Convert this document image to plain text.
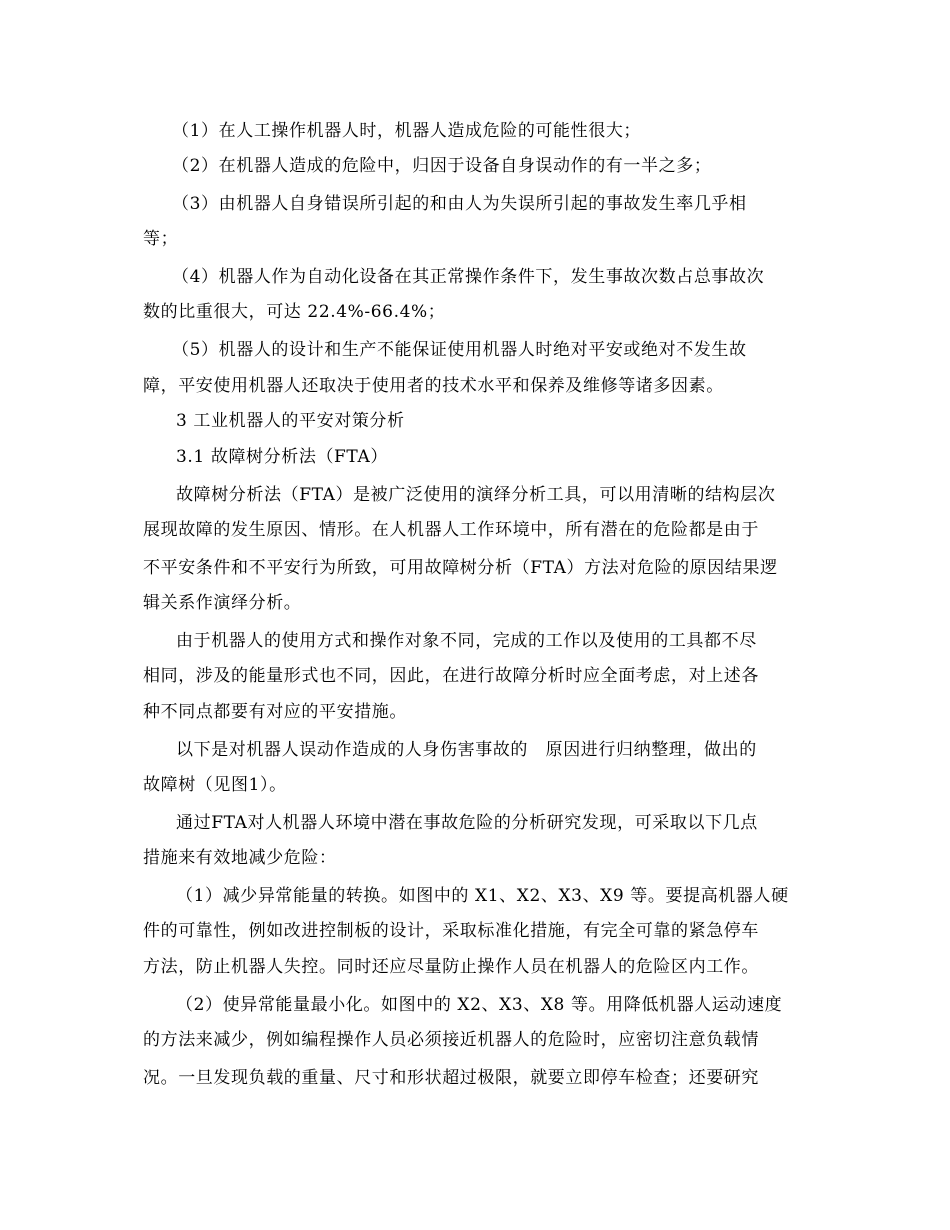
（1）在人工操作机器人时，机器人造成危险的可能性很大；
（2）在机器人造成的危险中，归因于设备自身误动作的有一半之多；
（3）由机器人自身错误所引起的和由人为失误所引起的事故发生率几乎相
等；
（4）机器人作为自动化设备在其正常操作条件下，发生事故次数占总事故次
数的比重很大，可达 22.4%-66.4%；
（5）机器人的设计和生产不能保证使用机器人时绝对平安或绝对不发生故
障，平安使用机器人还取决于使用者的技术水平和保养及维修等诸多因素。
3 工业机器人的平安对策分析
3.1 故障树分析法（FTA）
故障树分析法（FTA）是被广泛使用的演绎分析工具，可以用清晰的结构层次
展现故障的发生原因、情形。在人机器人工作环境中，所有潜在的危险都是由于
不平安条件和不平安行为所致，可用故障树分析（FTA）方法对危险的原因结果逻
辑关系作演绎分析。
由于机器人的使用方式和操作对象不同，完成的工作以及使用的工具都不尽
相同，涉及的能量形式也不同，因此，在进行故障分析时应全面考虑，对上述各
种不同点都要有对应的平安措施。
以下是对机器人误动作造成的人身伤害事故的　原因进行归纳整理，做出的
故障树（见图1）。
通过FTA对人机器人环境中潜在事故危险的分析研究发现，可采取以下几点
措施来有效地减少危险：
（1）减少异常能量的转换。如图中的 X1、X2、X3、X9 等。要提高机器人硬
件的可靠性，例如改进控制板的设计，采取标准化措施，有完全可靠的紧急停车
方法，防止机器人失控。同时还应尽量防止操作人员在机器人的危险区内工作。
（2）使异常能量最小化。如图中的 X2、X3、X8 等。用降低机器人运动速度
的方法来减少，例如编程操作人员必须接近机器人的危险时，应密切注意负载情
况。一旦发现负载的重量、尺寸和形状超过极限，就要立即停车检查；还要研究
